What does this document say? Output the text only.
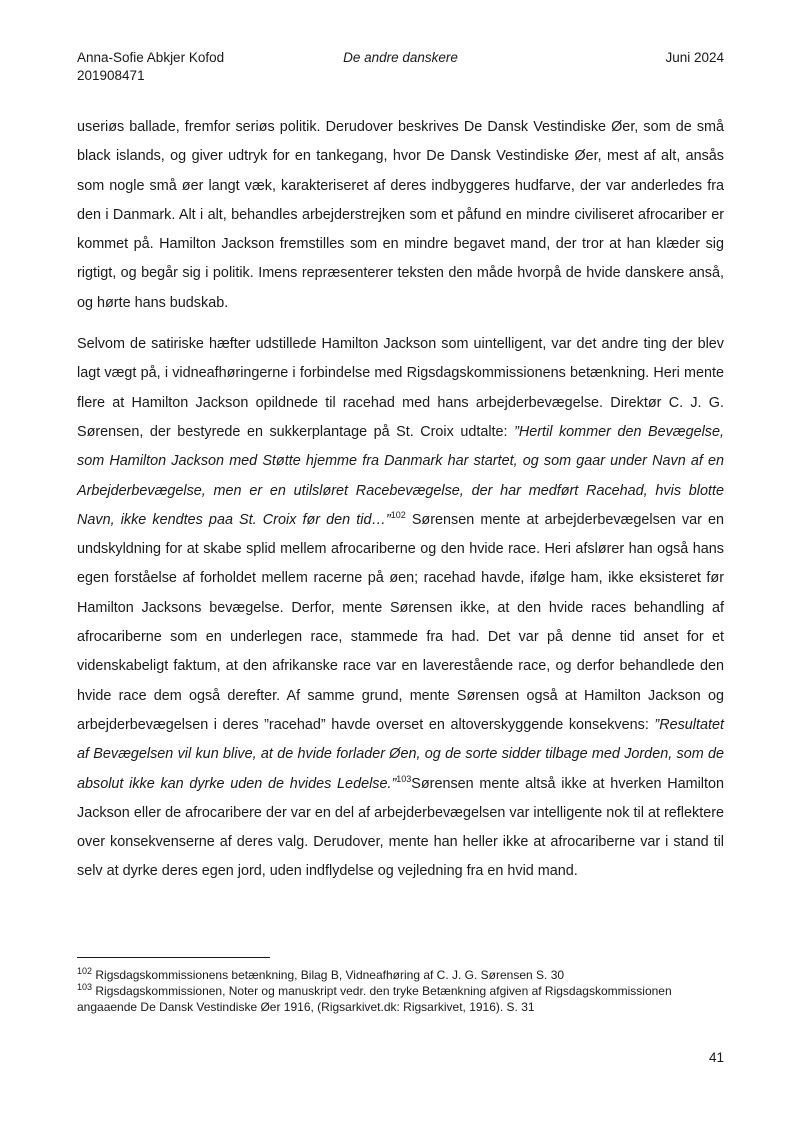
Anna-Sofie Abkjer Kofod
201908471
De andre danskere	Juni 2024

useriøs ballade, fremfor seriøs politik. Derudover beskrives De Dansk Vestindiske Øer, som de små black islands, og giver udtryk for en tankegang, hvor De Dansk Vestindiske Øer, mest af alt, ansås som nogle små øer langt væk, karakteriseret af deres indbyggeres hudfarve, der var anderledes fra den i Danmark. Alt i alt, behandles arbejderstrejken som et påfund en mindre civiliseret afrocariber er kommet på. Hamilton Jackson fremstilles som en mindre begavet mand, der tror at han klæder sig rigtigt, og begår sig i politik. Imens repræsenterer teksten den måde hvorpå de hvide danskere anså, og hørte hans budskab.

Selvom de satiriske hæfter udstillede Hamilton Jackson som uintelligent, var det andre ting der blev lagt vægt på, i vidneafhøringerne i forbindelse med Rigsdagskommissionens betænkning. Heri mente flere at Hamilton Jackson opildnede til racehad med hans arbejderbevægelse. Direktør C. J. G. Sørensen, der bestyrede en sukkerplantage på St. Croix udtalte: ”Hertil kommer den Bevægelse, som Hamilton Jackson med Støtte hjemme fra Danmark har startet, og som gaar under Navn af en Arbejderbevægelse, men er en utilsløret Racebevægelse, der har medført Racehad, hvis blotte Navn, ikke kendtes paa St. Croix før den tid…”$^{102}$ Sørensen mente at arbejderbevægelsen var en undskyldning for at skabe splid mellem afrocariberne og den hvide race. Heri afslører han også hans egen forståelse af forholdet mellem racerne på øen; racehad havde, ifølge ham, ikke eksisteret før Hamilton Jacksons bevægelse. Derfor, mente Sørensen ikke, at den hvide races behandling af afrocariberne som en underlegen race, stammede fra had. Det var på denne tid anset for et videnskabeligt faktum, at den afrikanske race var en laverestående race, og derfor behandlede den hvide race dem også derefter. Af samme grund, mente Sørensen også at Hamilton Jackson og arbejderbevægelsen i deres ”racehad” havde overset en altoverskyggende konsekvens: ”Resultatet af Bevægelsen vil kun blive, at de hvide forlader Øen, og de sorte sidder tilbage med Jorden, som de absolut ikke kan dyrke uden de hvides Ledelse.”$^{103}$Sørensen mente altså ikke at hverken Hamilton Jackson eller de afrocaribere der var en del af arbejderbevægelsen var intelligente nok til at reflektere over konsekvenserne af deres valg. Derudover, mente han heller ikke at afrocariberne var i stand til selv at dyrke deres egen jord, uden indflydelse og vejledning fra en hvid mand.

$^{102}$ Rigsdagskommissionens betænkning, Bilag B, Vidneafhøring af C. J. G. Sørensen S. 30

$^{103}$ Rigsdagskommissionen, Noter og manuskript vedr. den tryke Betænkning afgiven af Rigsdagskommissionen angaaende De Dansk Vestindiske Øer 1916, (Rigsarkivet.dk: Rigsarkivet, 1916). S. 31

41
